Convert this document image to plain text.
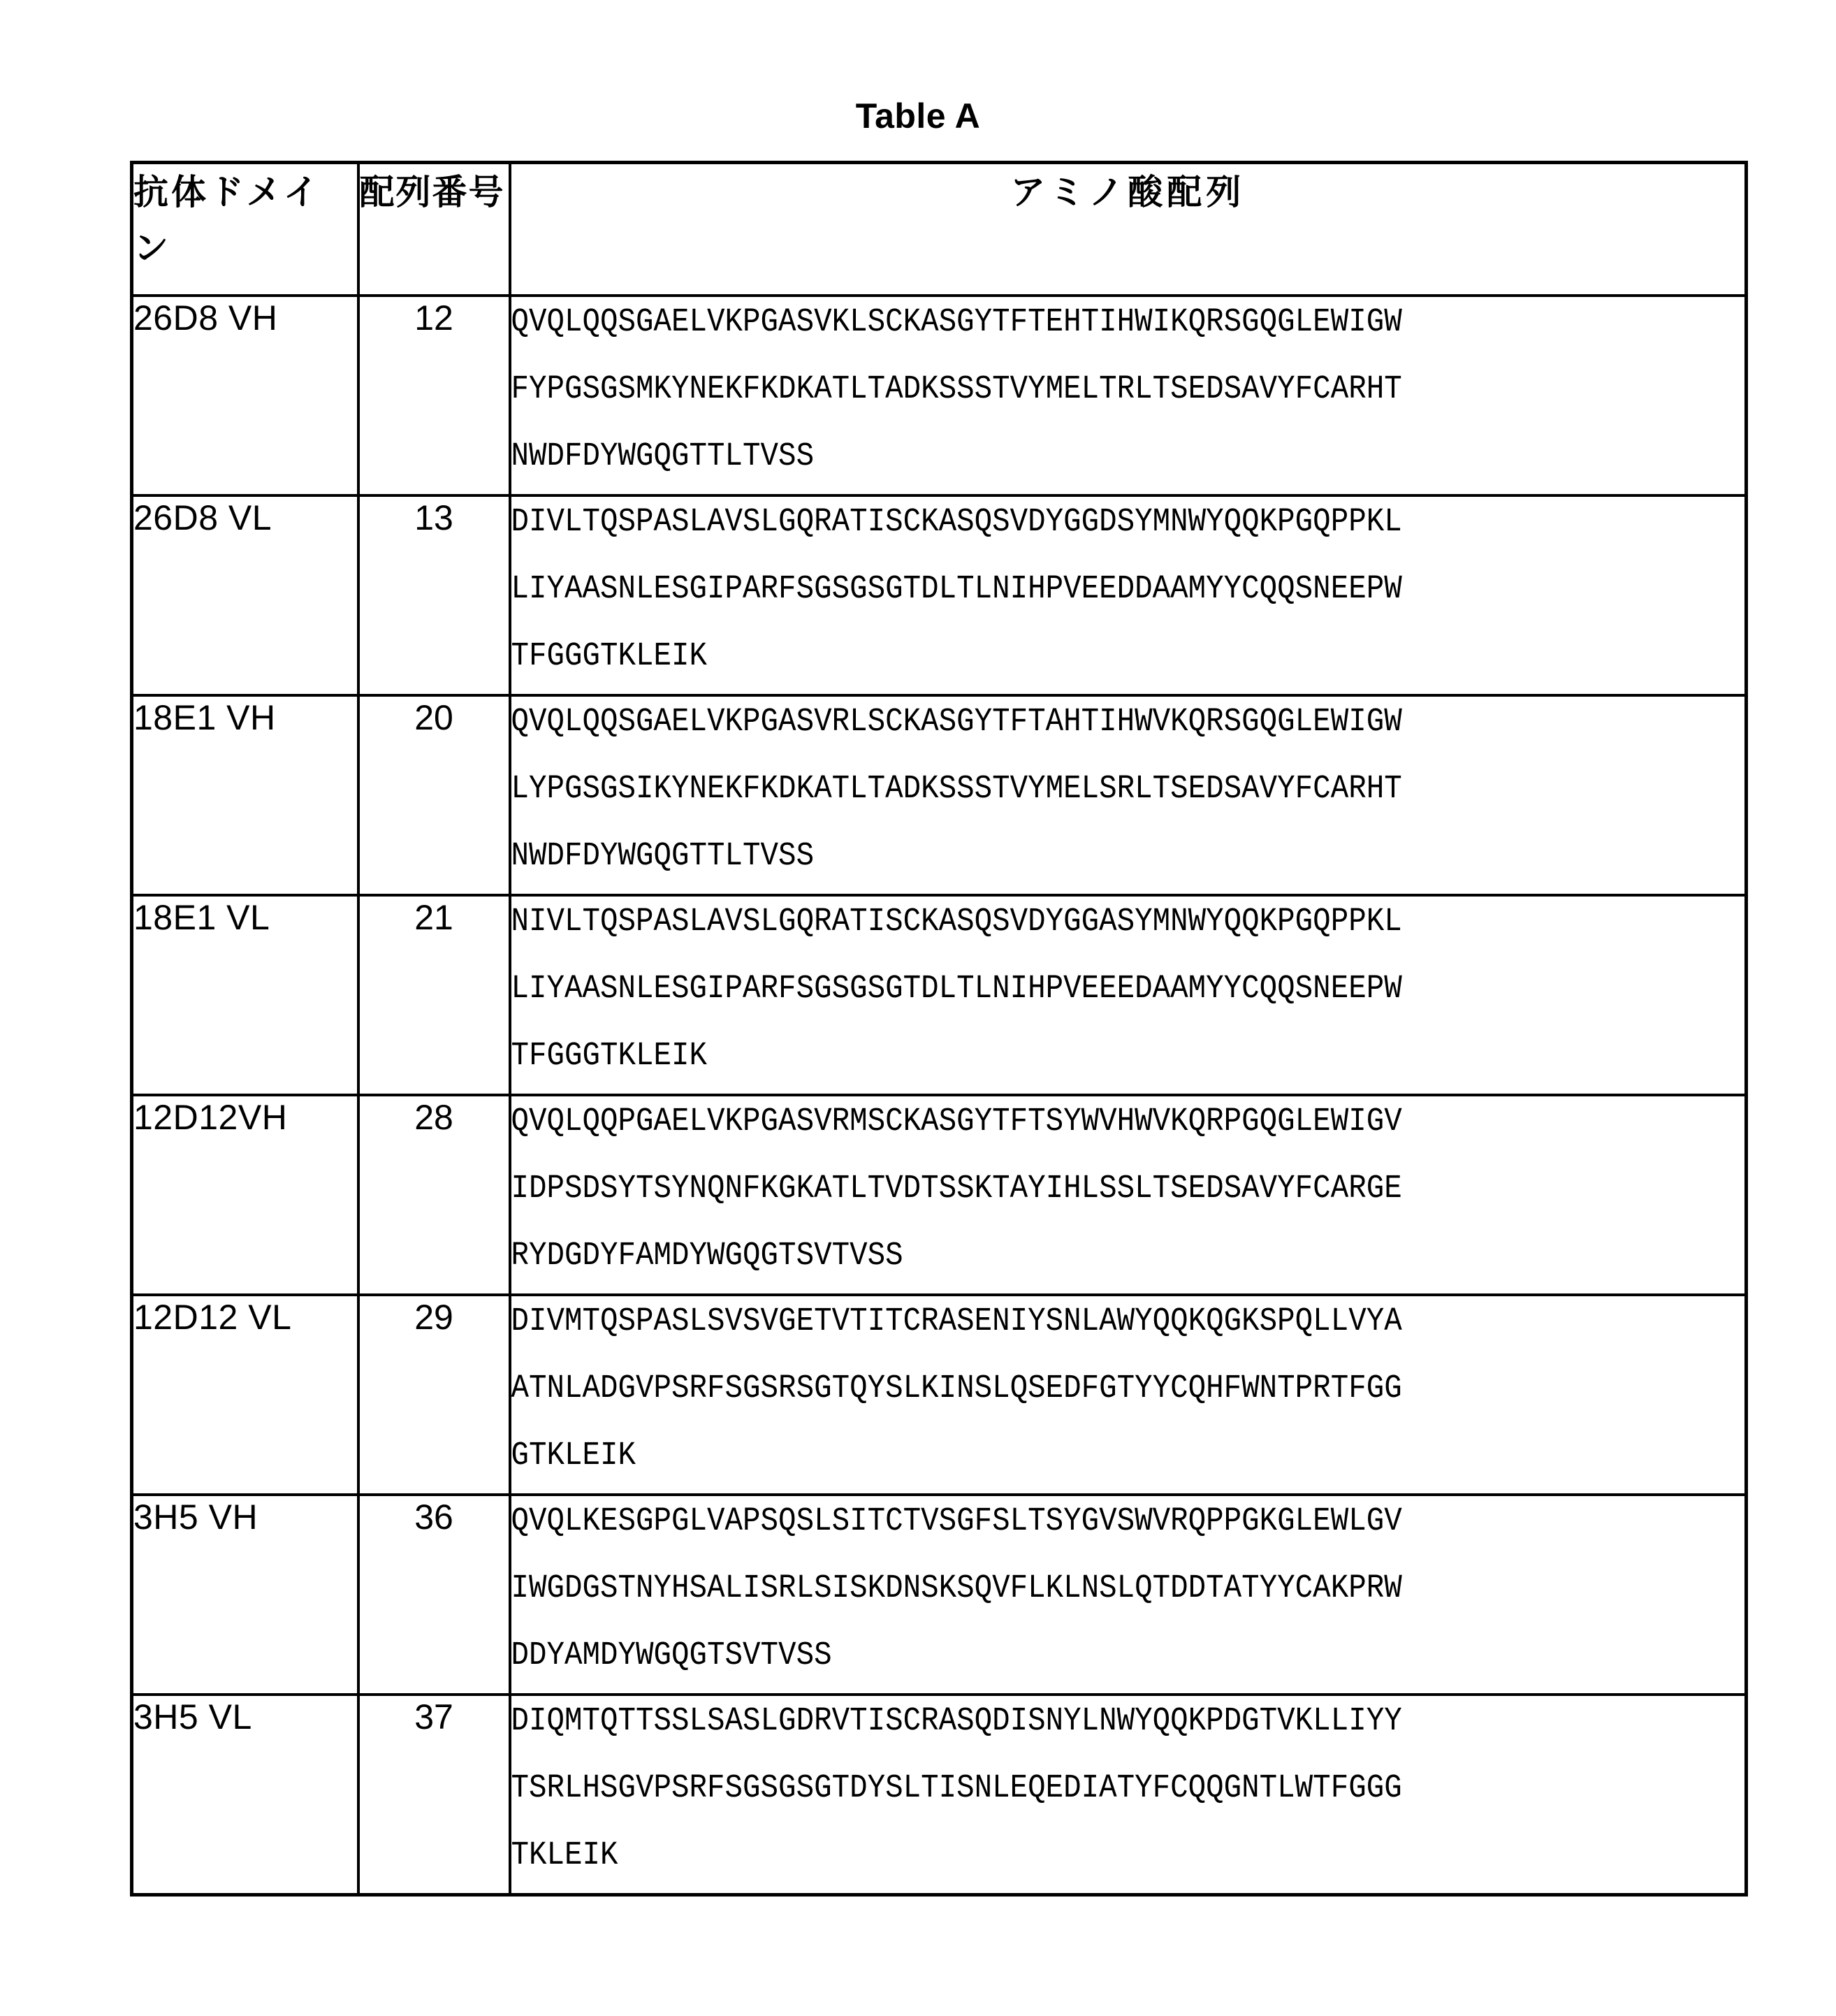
Table A
抗体ドメイン	配列番号	アミノ酸配列
26D8 VH	12	QVQLQQSGAELVKPGASVKLSCKASGYTFTEHTIHWIKQRSGQGLEWIGW
FYPGSGSMKYNEKFKDKATLTADKSSSTVYMELTRLTSEDSAVYFCARHT
NWDFDYWGQGTTLTVSS

26D8 VL	13	DIVLTQSPASLAVSLGQRATISCKASQSVDYGGDSYMNWYQQKPGQPPKL
LIYAASNLESGIPARFSGSGSGTDLTLNIHPVEEDDAAMYYCQQSNEEPW
TFGGGTKLEIK

18E1 VH	20	QVQLQQSGAELVKPGASVRLSCKASGYTFTAHTIHWVKQRSGQGLEWIGW
LYPGSGSIKYNEKFKDKATLTADKSSSTVYMELSRLTSEDSAVYFCARHT
NWDFDYWGQGTTLTVSS

18E1 VL	21	NIVLTQSPASLAVSLGQRATISCKASQSVDYGGASYMNWYQQKPGQPPKL
LIYAASNLESGIPARFSGSGSGTDLTLNIHPVEEEDAAMYYCQQSNEEPW
TFGGGTKLEIK

12D12VH	28	QVQLQQPGAELVKPGASVRMSCKASGYTFTSYWVHWVKQRPGQGLEWIGV
IDPSDSYTSYNQNFKGKATLTVDTSSKTAYIHLSSLTSEDSAVYFCARGE
RYDGDYFAMDYWGQGTSVTVSS

12D12 VL	29	DIVMTQSPASLSVSVGETVTITCRASENIYSNLAWYQQKQGKSPQLLVYA
ATNLADGVPSRFSGSRSGTQYSLKINSLQSEDFGTYYCQHFWNTPRTFGG
GTKLEIK

3H5 VH	36	QVQLKESGPGLVAPSQSLSITCTVSGFSLTSYGVSWVRQPPGKGLEWLGV
IWGDGSTNYHSALISRLSISKDNSKSQVFLKLNSLQTDDTATYYCAKPRW
DDYAMDYWGQGTSVTVSS

3H5 VL	37	DIQMTQTTSSLSASLGDRVTISCRASQDISNYLNWYQQKPDGTVKLLIYY
TSRLHSGVPSRFSGSGSGTDYSLTISNLEQEDIATYFCQQGNTLWTFGGG
TKLEIK
